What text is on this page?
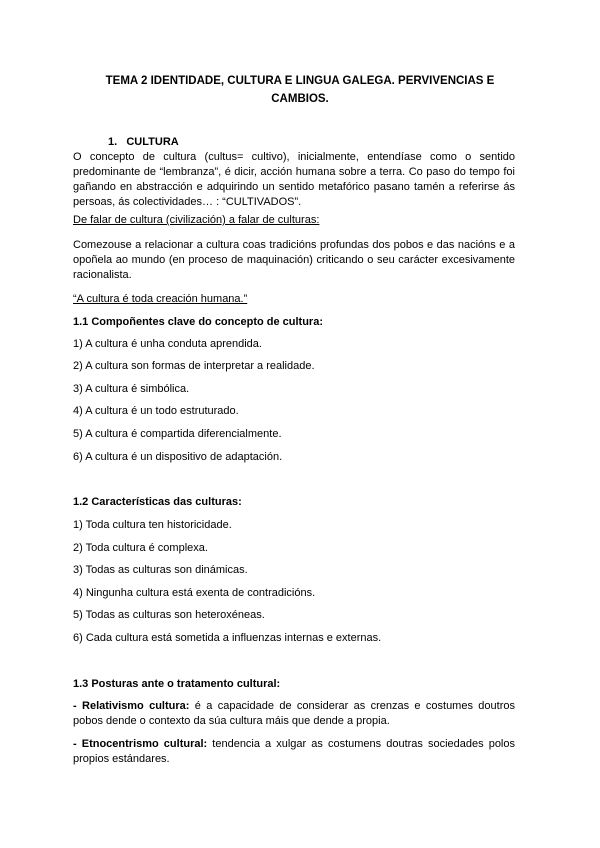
TEMA 2 IDENTIDADE, CULTURA E LINGUA GALEGA. PERVIVENCIAS E CAMBIOS.
1. CULTURA
O concepto de cultura (cultus= cultivo), inicialmente, entendíase como o sentido predominante de “lembranza”, é dicir, acción humana sobre a terra. Co paso do tempo foi gañando en abstracción e adquirindo un sentido metafórico pasano tamén a referirse ás persoas, ás colectividades… : “CULTIVADOS”.
De falar de cultura (civilización) a falar de culturas:
Comezouse a relacionar a cultura coas tradicións profundas dos pobos e das nacións e a opoñela ao mundo (en proceso de maquinación) criticando o seu carácter excesivamente racionalista.
“A cultura é toda creación humana.”
1.1 Compoñentes clave do concepto de cultura:
1) A cultura é unha conduta aprendida.
2) A cultura son formas de interpretar a realidade.
3) A cultura é simbólica.
4) A cultura é un todo estruturado.
5) A cultura é compartida diferencialmente.
6) A cultura é un dispositivo de adaptación.
1.2 Características das culturas:
1) Toda cultura ten historicidade.
2) Toda cultura é complexa.
3) Todas as culturas son dinámicas.
4) Ningunha cultura está exenta de contradicións.
5) Todas as culturas son heteroxéneas.
6) Cada cultura está sometida a influenzas internas e externas.
1.3 Posturas ante o tratamento cultural:
- Relativismo cultura: é a capacidade de considerar as crenzas e costumes doutros pobos dende o contexto da súa cultura máis que dende a propia.
- Etnocentrismo cultural: tendencia a xulgar as costumens doutras sociedades polos propios estándares.
